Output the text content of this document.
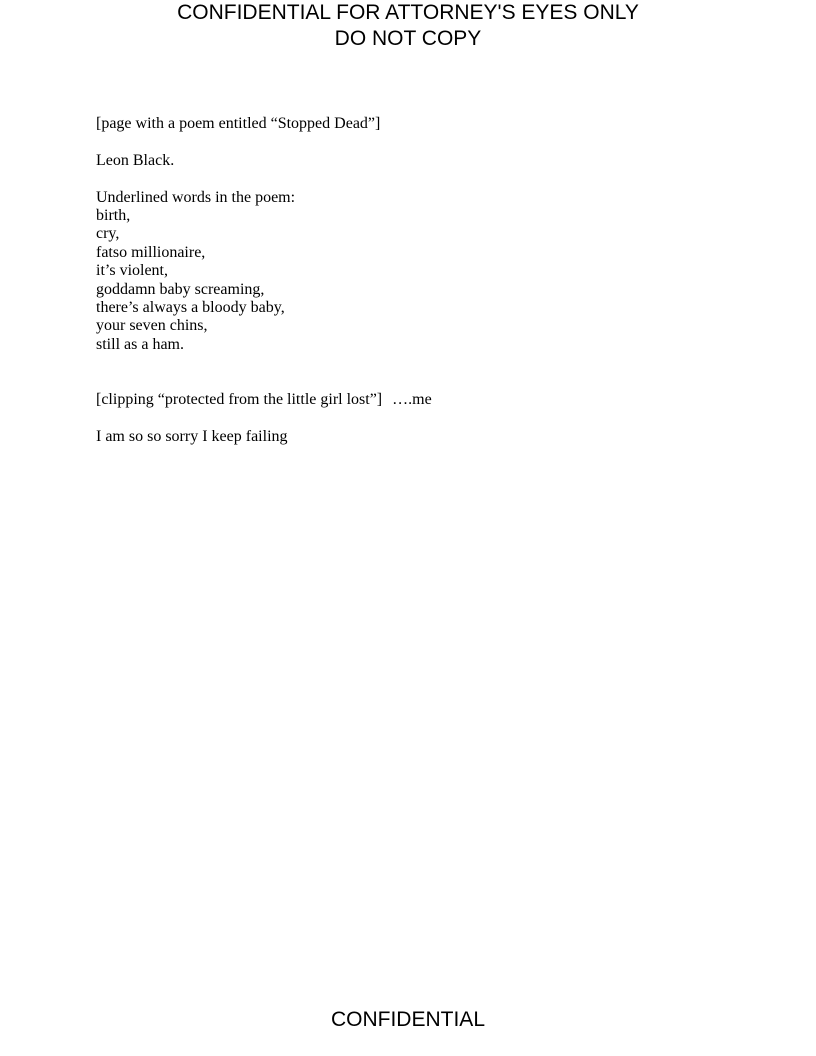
CONFIDENTIAL FOR ATTORNEY'S EYES ONLY
DO NOT COPY

[page with a poem entitled “Stopped Dead”]

Leon Black.

Underlined words in the poem:

birth,
cry,
fatso millionaire,
it’s violent,
goddamn baby screaming,
there’s always a bloody baby,
your seven chins,
still as a ham.

[clipping “protected from the little girl lost”] ….me

I am so so sorry I keep failing

CONFIDENTIAL
